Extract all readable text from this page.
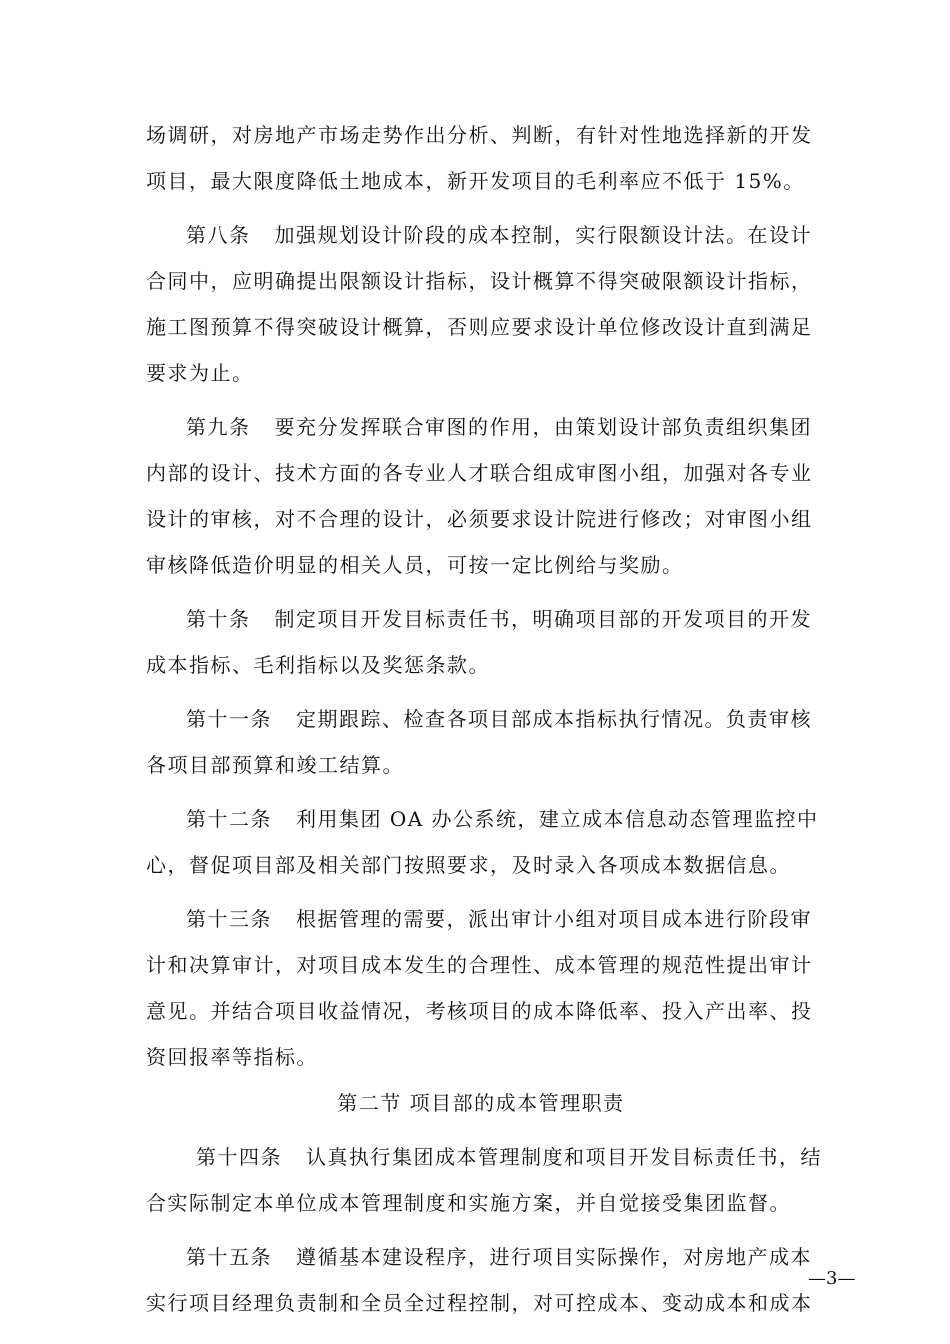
场调研，对房地产市场走势作出分析、判断，有针对性地选择新的开发
项目，最大限度降低土地成本，新开发项目的毛利率应不低于 15%。
第八条 加强规划设计阶段的成本控制，实行限额设计法。在设计
合同中，应明确提出限额设计指标，设计概算不得突破限额设计指标，
施工图预算不得突破设计概算，否则应要求设计单位修改设计直到满足
要求为止。
第九条 要充分发挥联合审图的作用，由策划设计部负责组织集团
内部的设计、技术方面的各专业人才联合组成审图小组，加强对各专业
设计的审核，对不合理的设计，必须要求设计院进行修改；对审图小组
审核降低造价明显的相关人员，可按一定比例给与奖励。
第十条 制定项目开发目标责任书，明确项目部的开发项目的开发
成本指标、毛利指标以及奖惩条款。
第十一条 定期跟踪、检查各项目部成本指标执行情况。负责审核
各项目部预算和竣工结算。
第十二条 利用集团 OA 办公系统，建立成本信息动态管理监控中
心，督促项目部及相关部门按照要求，及时录入各项成本数据信息。
第十三条 根据管理的需要，派出审计小组对项目成本进行阶段审
计和决算审计，对项目成本发生的合理性、成本管理的规范性提出审计
意见。并结合项目收益情况，考核项目的成本降低率、投入产出率、投
资回报率等指标。
第二节 项目部的成本管理职责
第十四条 认真执行集团成本管理制度和项目开发目标责任书，结
合实际制定本单位成本管理制度和实施方案，并自觉接受集团监督。
第十五条 遵循基本建设程序，进行项目实际操作，对房地产成本
实行项目经理负责制和全员全过程控制，对可控成本、变动成本和成本
—3—
